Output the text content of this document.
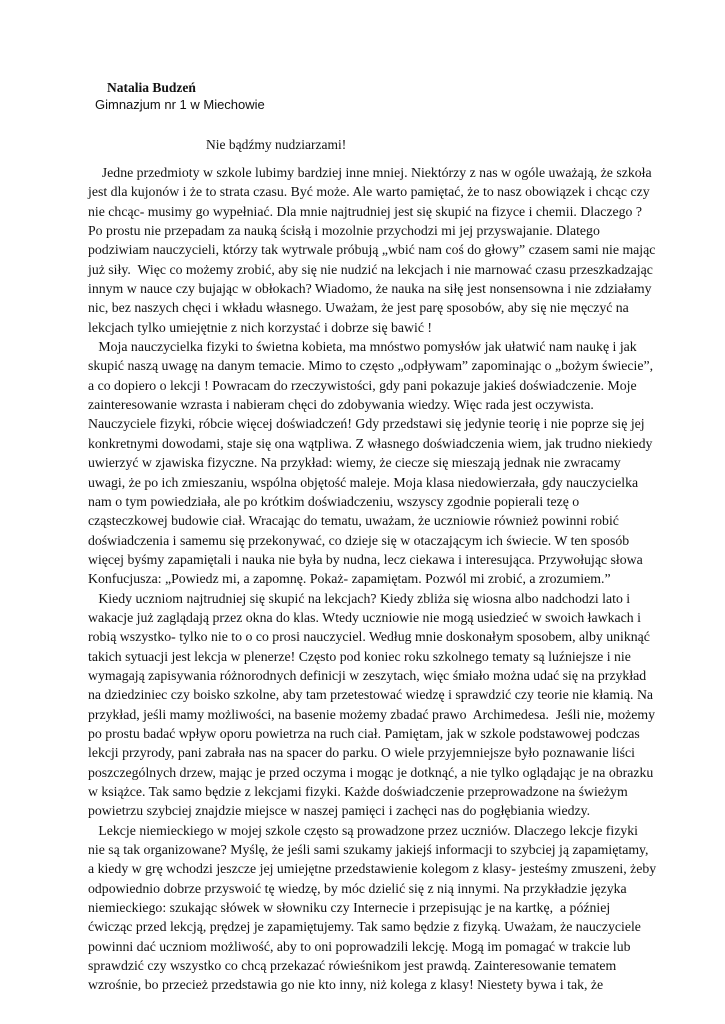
Natalia Budzeń

Gimnazjum nr 1 w Miechowie

Nie bądźmy nudziarzami!

Jedne przedmioty w szkole lubimy bardziej inne mniej. Niektórzy z nas w ogóle uważają, że szkoła
jest dla kujonów i że to strata czasu. Być może. Ale warto pamiętać, że to nasz obowiązek i chcąc czy
nie chcąc- musimy go wypełniać. Dla mnie najtrudniej jest się skupić na fizyce i chemii. Dlaczego ?
Po prostu nie przepadam za nauką ścisłą i mozolnie przychodzi mi jej przyswajanie. Dlatego
podziwiam nauczycieli, którzy tak wytrwale próbują „wbić nam coś do głowy” czasem sami nie mając
już siły.  Więc co możemy zrobić, aby się nie nudzić na lekcjach i nie marnować czasu przeszkadzając
innym w nauce czy bujając w obłokach? Wiadomo, że nauka na siłę jest nonsensowna i nie zdziałamy
nic, bez naszych chęci i wkładu własnego. Uważam, że jest parę sposobów, aby się nie męczyć na
lekcjach tylko umiejętnie z nich korzystać i dobrze się bawić !
Moja nauczycielka fizyki to świetna kobieta, ma mnóstwo pomysłów jak ułatwić nam naukę i jak
skupić naszą uwagę na danym temacie. Mimo to często „odpływam” zapominając o „bożym świecie”,
a co dopiero o lekcji ! Powracam do rzeczywistości, gdy pani pokazuje jakieś doświadczenie. Moje
zainteresowanie wzrasta i nabieram chęci do zdobywania wiedzy. Więc rada jest oczywista.
Nauczyciele fizyki, róbcie więcej doświadczeń! Gdy przedstawi się jedynie teorię i nie poprze się jej
konkretnymi dowodami, staje się ona wątpliwa. Z własnego doświadczenia wiem, jak trudno niekiedy
uwierzyć w zjawiska fizyczne. Na przykład: wiemy, że ciecze się mieszają jednak nie zwracamy
uwagi, że po ich zmieszaniu, wspólna objętość maleje. Moja klasa niedowierzała, gdy nauczycielka
nam o tym powiedziała, ale po krótkim doświadczeniu, wszyscy zgodnie popierali tezę o
cząsteczkowej budowie ciał. Wracając do tematu, uważam, że uczniowie również powinni robić
doświadczenia i samemu się przekonywać, co dzieje się w otaczającym ich świecie. W ten sposób
więcej byśmy zapamiętali i nauka nie była by nudna, lecz ciekawa i interesująca. Przywołując słowa
Konfucjusza: „Powiedz mi, a zapomnę. Pokaż- zapamiętam. Pozwól mi zrobić, a zrozumiem.”
Kiedy uczniom najtrudniej się skupić na lekcjach? Kiedy zbliża się wiosna albo nadchodzi lato i
wakacje już zaglądają przez okna do klas. Wtedy uczniowie nie mogą usiedzieć w swoich ławkach i
robią wszystko- tylko nie to o co prosi nauczyciel. Według mnie doskonałym sposobem, alby uniknąć
takich sytuacji jest lekcja w plenerze! Często pod koniec roku szkolnego tematy są luźniejsze i nie
wymagają zapisywania różnorodnych definicji w zeszytach, więc śmiało można udać się na przykład
na dziedziniec czy boisko szkolne, aby tam przetestować wiedzę i sprawdzić czy teorie nie kłamią. Na
przykład, jeśli mamy możliwości, na basenie możemy zbadać prawo  Archimedesa.  Jeśli nie, możemy
po prostu badać wpływ oporu powietrza na ruch ciał. Pamiętam, jak w szkole podstawowej podczas
lekcji przyrody, pani zabrała nas na spacer do parku. O wiele przyjemniejsze było poznawanie liści
poszczególnych drzew, mając je przed oczyma i mogąc je dotknąć, a nie tylko oglądając je na obrazku
w książce. Tak samo będzie z lekcjami fizyki. Każde doświadczenie przeprowadzone na świeżym
powietrzu szybciej znajdzie miejsce w naszej pamięci i zachęci nas do pogłębiania wiedzy.
Lekcje niemieckiego w mojej szkole często są prowadzone przez uczniów. Dlaczego lekcje fizyki
nie są tak organizowane? Myślę, że jeśli sami szukamy jakiejś informacji to szybciej ją zapamiętamy,
a kiedy w grę wchodzi jeszcze jej umiejętne przedstawienie kolegom z klasy- jesteśmy zmuszeni, żeby
odpowiednio dobrze przyswoić tę wiedzę, by móc dzielić się z nią innymi. Na przykładzie języka
niemieckiego: szukając słówek w słowniku czy Internecie i przepisując je na kartkę,  a później
ćwicząc przed lekcją, prędzej je zapamiętujemy. Tak samo będzie z fizyką. Uważam, że nauczyciele
powinni dać uczniom możliwość, aby to oni poprowadzili lekcję. Mogą im pomagać w trakcie lub
sprawdzić czy wszystko co chcą przekazać rówieśnikom jest prawdą. Zainteresowanie tematem
wzrośnie, bo przecież przedstawia go nie kto inny, niż kolega z klasy! Niestety bywa i tak, że
